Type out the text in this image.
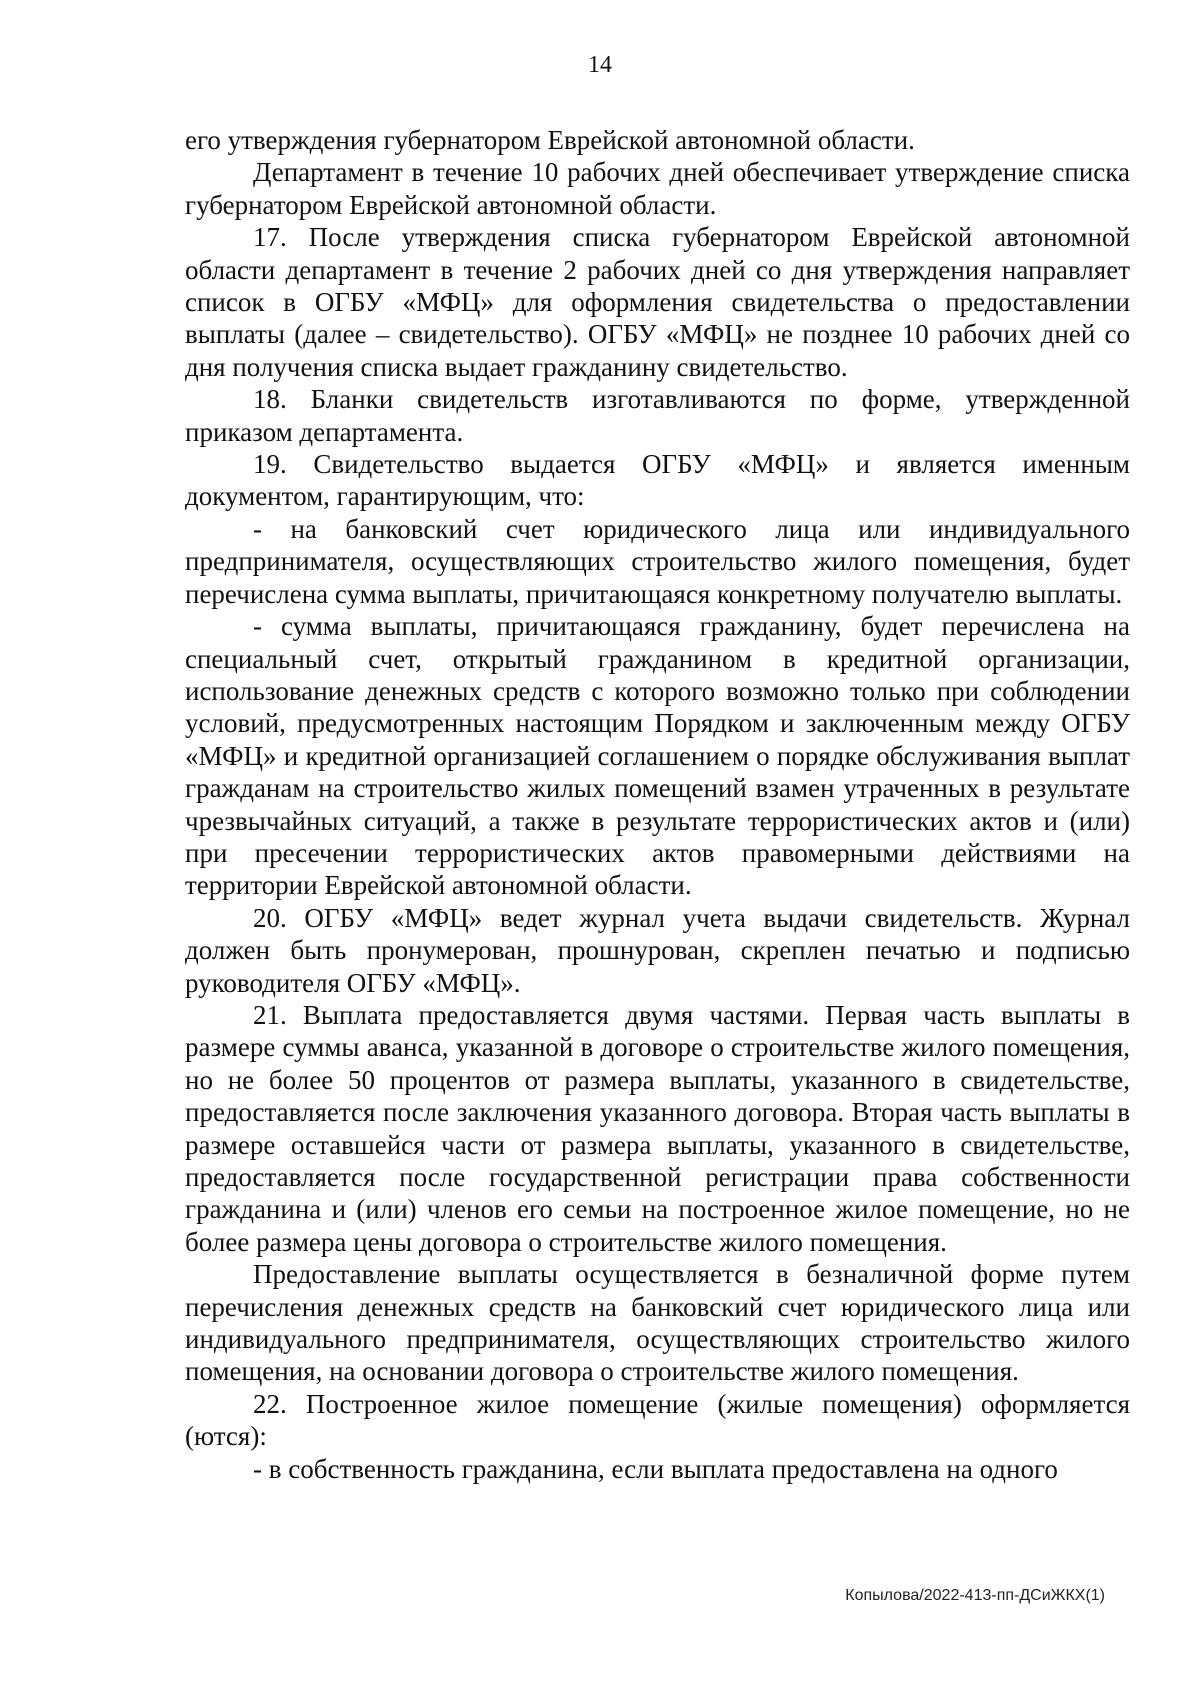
14

его утверждения губернатором Еврейской автономной области.

Департамент в течение 10 рабочих дней обеспечивает утверждение списка губернатором Еврейской автономной области.

17. После утверждения списка губернатором Еврейской автономной области департамент в течение 2 рабочих дней со дня утверждения направляет список в ОГБУ «МФЦ» для оформления свидетельства о предоставлении выплаты (далее – свидетельство). ОГБУ «МФЦ» не позднее 10 рабочих дней со дня получения списка выдает гражданину свидетельство.

18. Бланки свидетельств изготавливаются по форме, утвержденной приказом департамента.

19. Свидетельство выдается ОГБУ «МФЦ» и является именным документом, гарантирующим, что:

- на банковский счет юридического лица или индивидуального предпринимателя, осуществляющих строительство жилого помещения, будет перечислена сумма выплаты, причитающаяся конкретному получателю выплаты.

- сумма выплаты, причитающаяся гражданину, будет перечислена на специальный счет, открытый гражданином в кредитной организации, использование денежных средств с которого возможно только при соблюдении условий, предусмотренных настоящим Порядком и заключенным между ОГБУ «МФЦ» и кредитной организацией соглашением о порядке обслуживания выплат гражданам на строительство жилых помещений взамен утраченных в результате чрезвычайных ситуаций, а также в результате террористических актов и (или) при пресечении террористических актов правомерными действиями на территории Еврейской автономной области.

20. ОГБУ «МФЦ» ведет журнал учета выдачи свидетельств. Журнал должен быть пронумерован, прошнурован, скреплен печатью и подписью руководителя ОГБУ «МФЦ».

21. Выплата предоставляется двумя частями. Первая часть выплаты в размере суммы аванса, указанной в договоре о строительстве жилого помещения, но не более 50 процентов от размера выплаты, указанного в свидетельстве, предоставляется после заключения указанного договора. Вторая часть выплаты в размере оставшейся части от размера выплаты, указанного в свидетельстве, предоставляется после государственной регистрации права собственности гражданина и (или) членов его семьи на построенное жилое помещение, но не более размера цены договора о строительстве жилого помещения.

Предоставление выплаты осуществляется в безналичной форме путем перечисления денежных средств на банковский счет юридического лица или индивидуального предпринимателя, осуществляющих строительство жилого помещения, на основании договора о строительстве жилого помещения.

22. Построенное жилое помещение (жилые помещения) оформляется (ются):

- в собственность гражданина, если выплата предоставлена на одного

Копылова/2022-413-пп-ДСиЖКХ(1)
